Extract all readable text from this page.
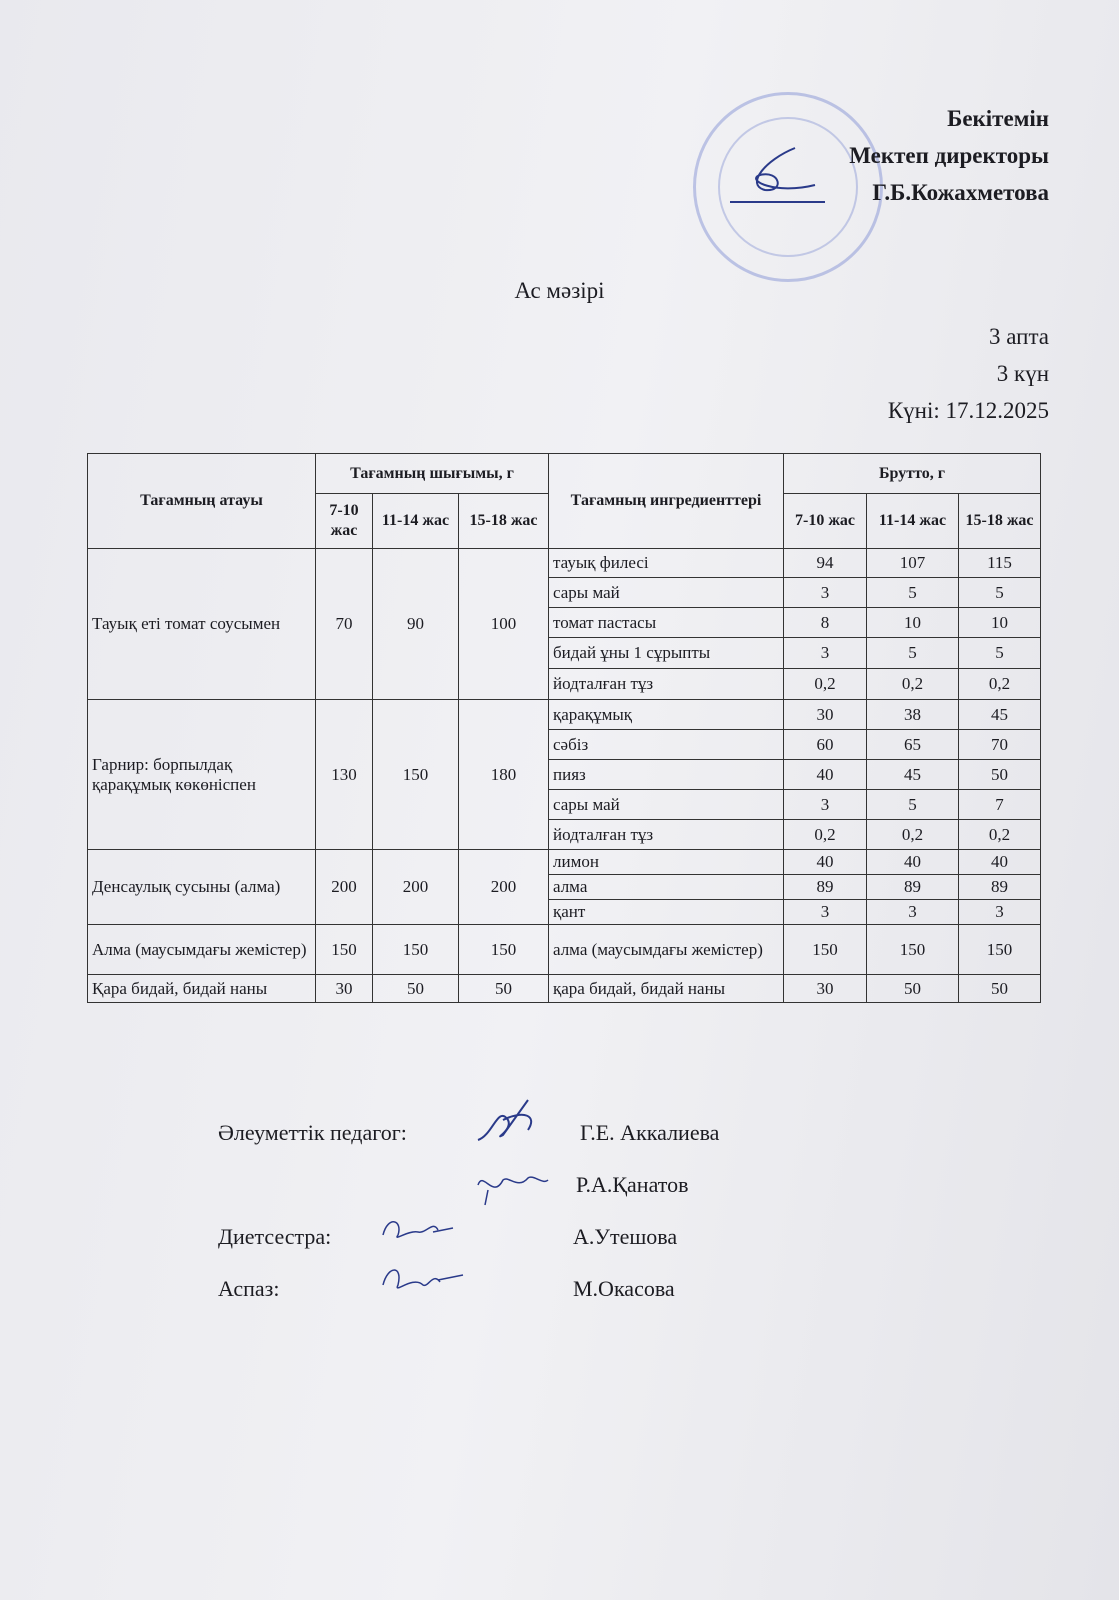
Бекітемін
Мектеп директоры
Г.Б.Кожахметова
Ас мәзірі
3 апта
3 күн
Күні: 17.12.2025
Тағамның атауы	Тағамның шығымы, г			Тағамның ингредиенттері	Брутто, г		
	7-10 жас	11-14 жас	15-18 жас		7-10 жас	11-14 жас	15-18 жас
Тауық еті томат соусымен	70	90	100	тауық филесі	94	107	115
				сары май	3	5	5
				томат пастасы	8	10	10
				бидай ұны 1 сұрыпты	3	5	5
				йодталған тұз	0,2	0,2	0,2
Гарнир: борпылдақ қарақұмық көкөніспен	130	150	180	қарақұмық	30	38	45
				сәбіз	60	65	70
				пияз	40	45	50
				сары май	3	5	7
				йодталған тұз	0,2	0,2	0,2
Денсаулық сусыны (алма)	200	200	200	лимон	40	40	40
				алма	89	89	89
				қант	3	3	3
Алма (маусымдағы жемістер)	150	150	150	алма (маусымдағы жемістер)	150	150	150
Қара бидай, бидай наны	30	50	50	қара бидай, бидай наны	30	50	50
Әлеуметтік педагог:	Г.Е. Аккалиева
Р.А.Қанатов
Диетсестра:	А.Утешова
Аспаз:	М.Окасова
